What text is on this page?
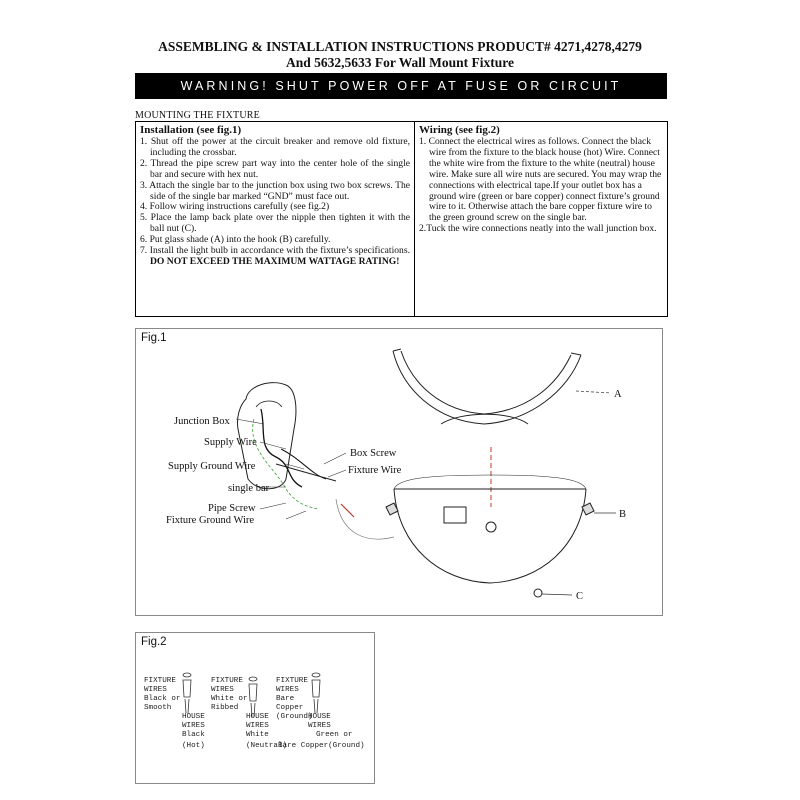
ASSEMBLING & INSTALLATION INSTRUCTIONS PRODUCT# 4271,4278,4279
And 5632,5633 For Wall Mount Fixture
WARNING! SHUT POWER OFF AT FUSE OR CIRCUIT BREAKER.
MOUNTING THE FIXTURE
Installation (see fig.1)
1. Shut off the power at the circuit breaker and remove old fixture, including the crossbar.
2. Thread the pipe screw part way into the center hole of the single bar and secure with hex nut.
3. Attach the single bar to the junction box using two box screws. The side of the single bar marked “GND” must face out.
4. Follow wiring instructions carefully (see fig.2)
5. Place the lamp back plate over the nipple then tighten it with the ball nut (C).
6. Put glass shade (A) into the hook (B) carefully.
7. Install the light bulb in accordance with the fixture’s specifications. DO NOT EXCEED THE MAXIMUM WATTAGE RATING!
Wiring (see fig.2)
1. Connect the electrical wires as follows. Connect the black wire from the fixture to the black house (hot) Wire. Connect the white wire from the fixture to the white (neutral) house wire. Make sure all wire nuts are secured. You may wrap the connections with electrical tape.If your outlet box has a ground wire (green or bare copper) connect fixture’s ground wire to it. Otherwise attach the bare copper fixture wire to the green ground screw on the single bar.
2.Tuck the wire connections neatly into the wall junction box.
Fig.1
Junction Box
Supply Wire
Supply Ground Wire
single bar
Pipe Screw
Fixture Ground Wire
Box Screw
Fixture Wire
A
B
C
Fig.2
FIXTURE WIRES Black or Smooth
HOUSE WIRES Black (Hot)
FIXTURE WIRES White or Ribbed
HOUSE WIRES White (Neutral)
FIXTURE WIRES Bare Copper (Ground)
HOUSE WIRES Green or Bare Copper(Ground)
